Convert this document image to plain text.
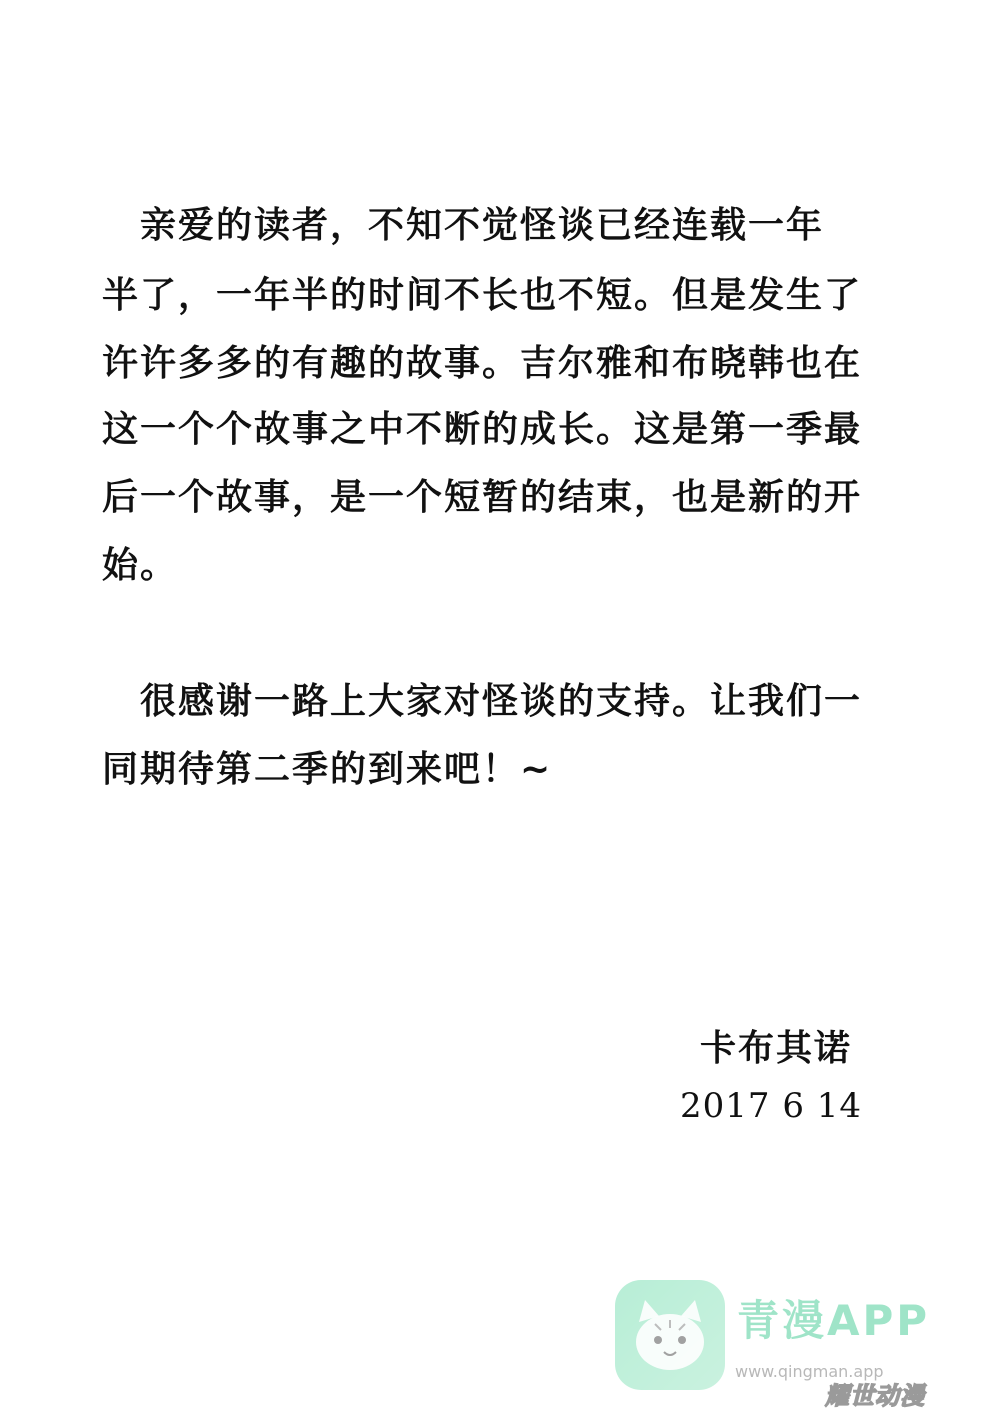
　亲爱的读者，不知不觉怪谈已经连载一年
半了，一年半的时间不长也不短。但是发生了
许许多多的有趣的故事。吉尔雅和布晓韩也在
这一个个故事之中不断的成长。这是第一季最
后一个故事，是一个短暂的结束，也是新的开
始。
　很感谢一路上大家对怪谈的支持。让我们一
同期待第二季的到来吧！~
卡布其诺
2017 6 14
青漫APP
www.qingman.app
耀世动漫
